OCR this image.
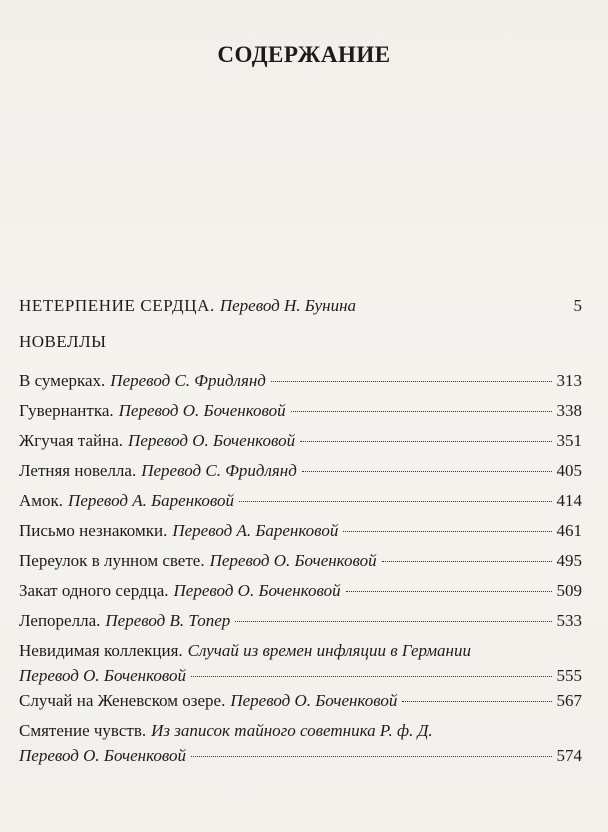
СОДЕРЖАНИЕ
НЕТЕРПЕНИЕ СЕРДЦА. Перевод Н. Бунина	5
НОВЕЛЛЫ
В сумерках. Перевод С. Фридлянд	313
Гувернантка. Перевод О. Боченковой	338
Жгучая тайна. Перевод О. Боченковой	351
Летняя новелла. Перевод С. Фридлянд	405
Амок. Перевод А. Баренковой	414
Письмо незнакомки. Перевод А. Баренковой	461
Переулок в лунном свете. Перевод О. Боченковой	495
Закат одного сердца. Перевод О. Боченковой	509
Лепорелла. Перевод В. Топер	533
Невидимая коллекция. Случай из времен инфляции в Германии
Перевод О. Боченковой	555
Случай на Женевском озере. Перевод О. Боченковой	567
Смятение чувств. Из записок тайного советника Р. ф. Д.
Перевод О. Боченковой	574
